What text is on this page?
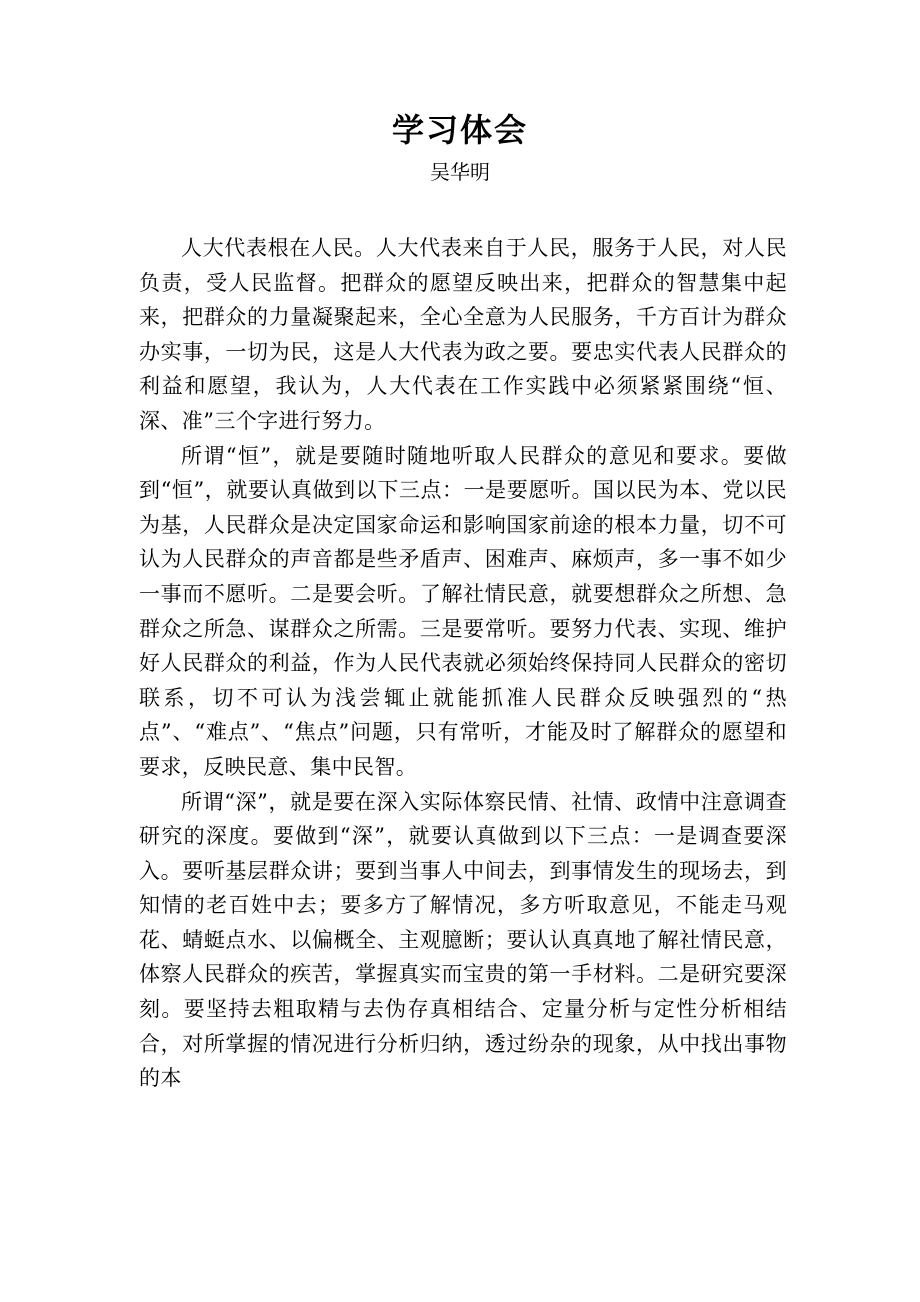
学习体会
吴华明

人大代表根在人民。人大代表来自于人民，服务于人民，对人民负责，受人民监督。把群众的愿望反映出来，把群众的智慧集中起来，把群众的力量凝聚起来，全心全意为人民服务，千方百计为群众办实事，一切为民，这是人大代表为政之要。要忠实代表人民群众的利益和愿望，我认为，人大代表在工作实践中必须紧紧围绕“恒、深、准”三个字进行努力。

所谓“恒”，就是要随时随地听取人民群众的意见和要求。要做到“恒”，就要认真做到以下三点：一是要愿听。国以民为本、党以民为基，人民群众是决定国家命运和影响国家前途的根本力量，切不可认为人民群众的声音都是些矛盾声、困难声、麻烦声，多一事不如少一事而不愿听。二是要会听。了解社情民意，就要想群众之所想、急群众之所急、谋群众之所需。三是要常听。要努力代表、实现、维护好人民群众的利益，作为人民代表就必须始终保持同人民群众的密切联系，切不可认为浅尝辄止就能抓准人民群众反映强烈的“热点”、“难点”、“焦点”问题，只有常听，才能及时了解群众的愿望和要求，反映民意、集中民智。

所谓“深”，就是要在深入实际体察民情、社情、政情中注意调查研究的深度。要做到“深”，就要认真做到以下三点：一是调查要深入。要听基层群众讲；要到当事人中间去，到事情发生的现场去，到知情的老百姓中去；要多方了解情况，多方听取意见，不能走马观花、蜻蜓点水、以偏概全、主观臆断；要认认真真地了解社情民意，体察人民群众的疾苦，掌握真实而宝贵的第一手材料。二是研究要深刻。要坚持去粗取精与去伪存真相结合、定量分析与定性分析相结合，对所掌握的情况进行分析归纳，透过纷杂的现象，从中找出事物的本
